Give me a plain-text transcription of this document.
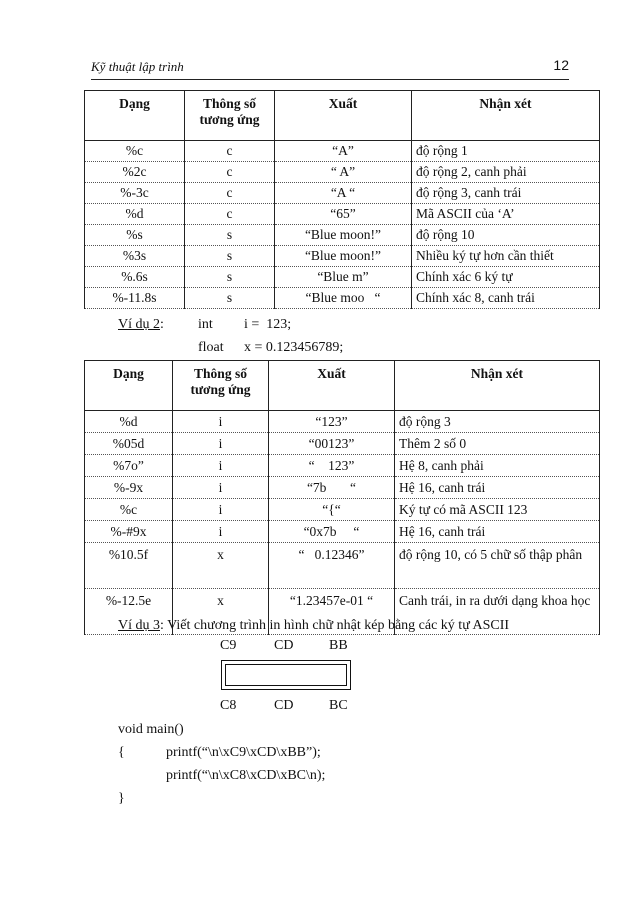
Kỹ thuật lập trình	12
Dạng	Thông số tương ứng	Xuất	Nhận xét
%c	c	“A”	độ rộng 1
%2c	c	“ A”	độ rộng 2, canh phải
%-3c	c	“A “	độ rộng 3, canh trái
%d	c	“65”	Mã ASCII của ‘A’
%s	s	“Blue moon!”	độ rộng 10
%3s	s	“Blue moon!”	Nhiều ký tự hơn cần thiết
%.6s	s	“Blue m”	Chính xác 6 ký tự
%-11.8s	s	“Blue moo   “	Chính xác 8, canh trái
Ví dụ 2: int i =  123;
float x = 0.123456789;
Dạng	Thông số tương ứng	Xuất	Nhận xét
%d	i	“123”	độ rộng 3
%05d	i	“00123”	Thêm 2 số 0
%7o”	i	“    123”	Hệ 8, canh phải
%-9x	i	“7b       “	Hệ 16, canh trái
%c	i	“{“	Ký tự có mã ASCII 123
%-#9x	i	“0x7b     “	Hệ 16, canh trái
%10.5f	x	“   0.12346”	độ rộng 10, có 5 chữ số thập phân
%-12.5e	x	“1.23457e-01 “	Canh trái, in ra dưới dạng khoa học
Ví dụ 3: Viết chương trình in hình chữ nhật kép bằng các ký tự ASCII
C9	CD	BB
C8	CD	BC
void main()
{	printf(“\n\xC9\xCD\xBB”);
printf(“\n\xC8\xCD\xBC\n);
}
